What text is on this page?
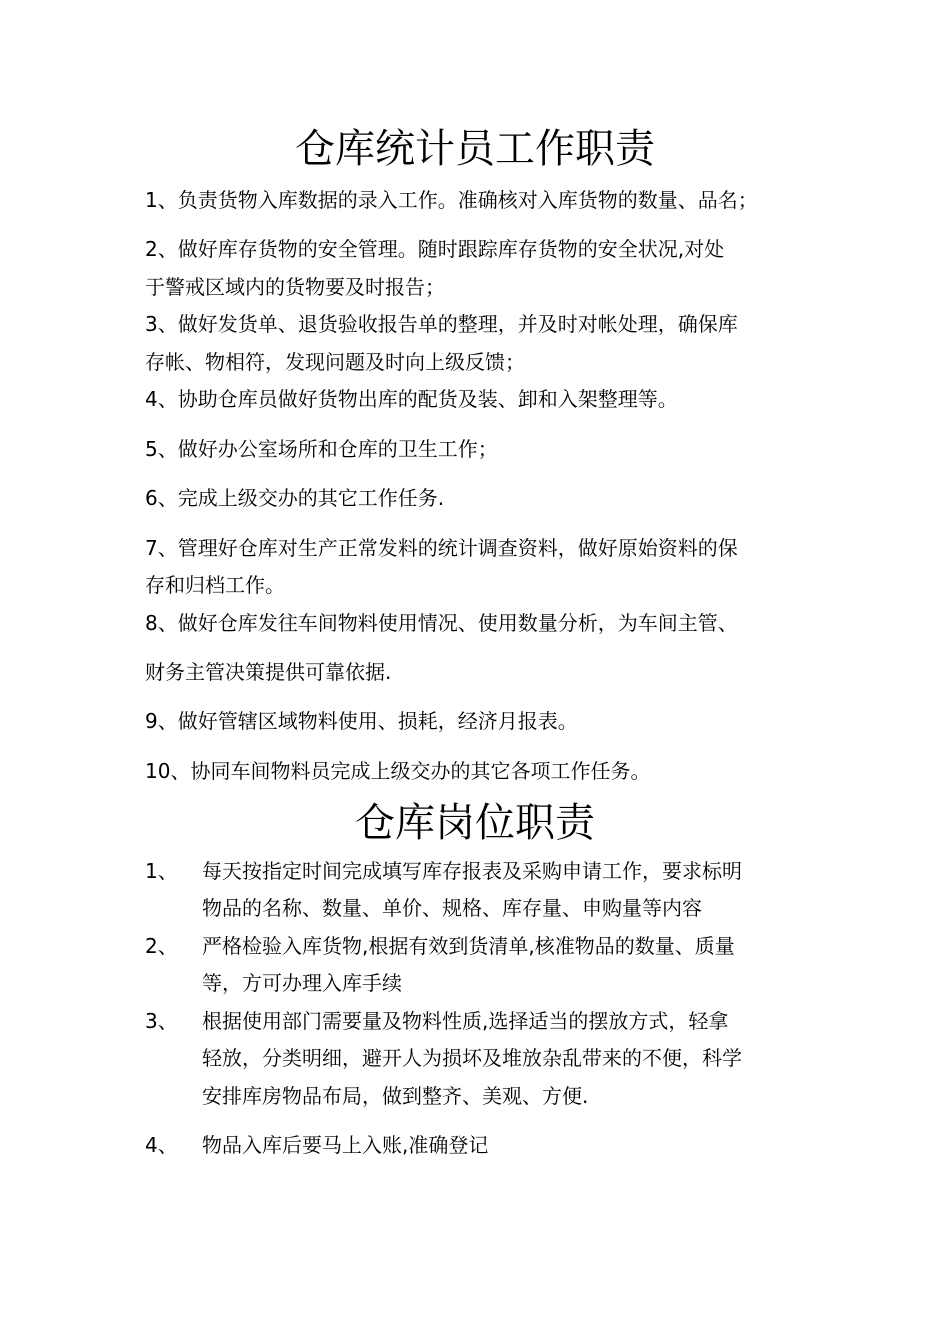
仓库统计员工作职责

1、负责货物入库数据的录入工作。准确核对入库货物的数量、品名；

2、做好库存货物的安全管理。随时跟踪库存货物的安全状况,对处

于警戒区域内的货物要及时报告；

3、做好发货单、退货验收报告单的整理，并及时对帐处理，确保库

存帐、物相符，发现问题及时向上级反馈；

4、协助仓库员做好货物出库的配货及装、卸和入架整理等。

5、做好办公室场所和仓库的卫生工作；

6、完成上级交办的其它工作任务.

7、管理好仓库对生产正常发料的统计调查资料，做好原始资料的保

存和归档工作。

8、做好仓库发往车间物料使用情况、使用数量分析，为车间主管、

财务主管决策提供可靠依据.

9、做好管辖区域物料使用、损耗，经济月报表。

10、协同车间物料员完成上级交办的其它各项工作任务。

仓库岗位职责
1、 每天按指定时间完成填写库存报表及采购申请工作，要求标明
物品的名称、数量、单价、规格、库存量、申购量等内容
2、 严格检验入库货物,根据有效到货清单,核准物品的数量、质量
等，方可办理入库手续
3、 根据使用部门需要量及物料性质,选择适当的摆放方式，轻拿
轻放，分类明细，避开人为损坏及堆放杂乱带来的不便，科学
安排库房物品布局，做到整齐、美观、方便.
4、 物品入库后要马上入账,准确登记
